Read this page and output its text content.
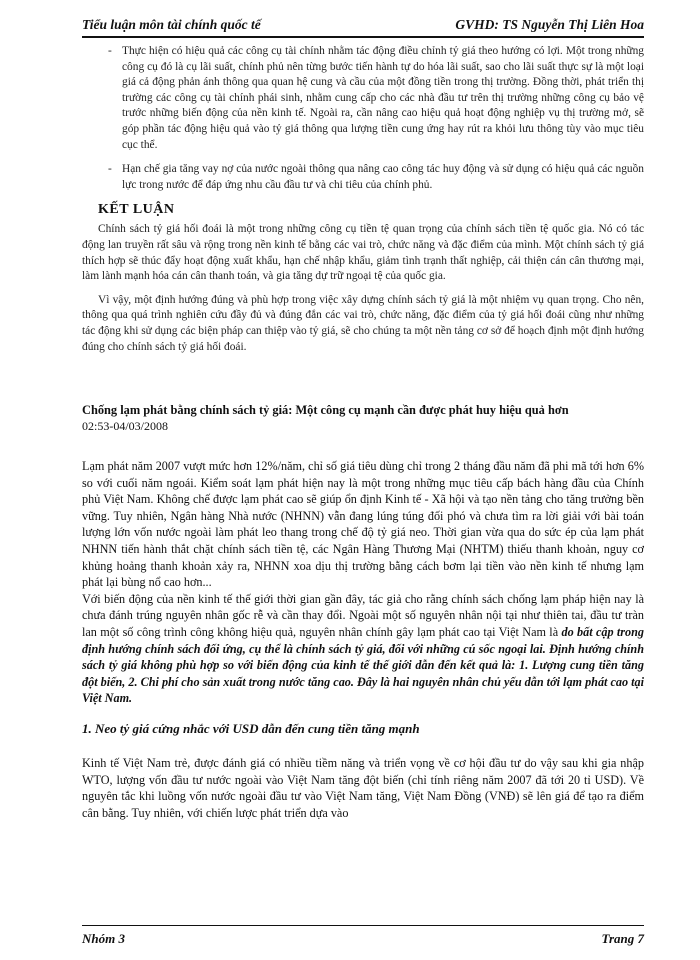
Tiểu luận môn tài chính quốc tế	GVHD: TS Nguyễn Thị Liên Hoa
- Thực hiện có hiệu quả các công cụ tài chính nhằm tác động điều chỉnh tỷ giá theo hướng có lợi. Một trong những công cụ đó là cụ lãi suất, chính phủ nên từng bước tiến hành tự do hóa lãi suất, sao cho lãi suất thực sự là một loại giá cả động phản ánh thông qua quan hệ cung và cầu của một đồng tiền trong thị trường. Đồng thời, phát triển thị trường các công cụ tài chính phái sinh, nhằm cung cấp cho các nhà đầu tư trên thị trường những công cụ bảo vệ trước những biến động của nền kinh tế. Ngoài ra, cần nâng cao hiệu quả hoạt động nghiệp vụ thị trường mở, sẽ góp phần tác động hiệu quả vào tỷ giá thông qua lượng tiền cung ứng hay rút ra khỏi lưu thông tùy vào mục tiêu cục thể.
- Hạn chế gia tăng vay nợ của nước ngoài thông qua nâng cao công tác huy động và sử dụng có hiệu quả các nguồn lực trong nước để đáp ứng nhu cầu đầu tư và chi tiêu của chính phủ.
KẾT LUẬN

Chính sách tỷ giá hối đoái là một trong những công cụ tiền tệ quan trọng của chính sách tiền tệ quốc gia. Nó có tác động lan truyền rất sâu và rộng trong nền kinh tế bằng các vai trò, chức năng và đặc điểm của mình. Một chính sách tỷ giá thích hợp sẽ thúc đẩy hoạt động xuất khẩu, hạn chế nhập khẩu, giảm tình trạnh thất nghiệp, cải thiện cán cân thương mại, làm lành mạnh hóa cán cân thanh toán, và gia tăng dự trữ ngoại tệ của quốc gia.

Vì vậy, một định hướng đúng và phù hợp trong việc xây dựng chính sách tỷ giá là một nhiệm vụ quan trọng. Cho nên, thông qua quá trình nghiên cứu đầy đủ và đúng đắn các vai trò, chức năng, đặc điểm của tỷ giá hối đoái cũng như những tác động khi sử dụng các biện pháp can thiệp vào tỷ giá, sẽ cho chúng ta một nền tảng cơ sở để hoạch định một định hướng đúng cho chính sách tỷ giá hối đoái.

Chống lạm phát bằng chính sách tỷ giá: Một công cụ mạnh cần được phát huy hiệu quả hơn
02:53-04/03/2008

Lạm phát năm 2007 vượt mức hơn 12%/năm, chỉ số giá tiêu dùng chỉ trong 2 tháng đầu năm đã phi mã tới hơn 6% so với cuối năm ngoái. Kiểm soát lạm phát hiện nay là một trong những mục tiêu cấp bách hàng đầu của Chính phủ Việt Nam. Không chế được lạm phát cao sẽ giúp ổn định Kinh tế - Xã hội và tạo nền tảng cho tăng trưởng bền vững. Tuy nhiên, Ngân hàng Nhà nước (NHNN) vẫn đang lúng túng đối phó và chưa tìm ra lời giải với bài toán lượng lớn vốn nước ngoài làm phát leo thang trong chế độ tỷ giá neo. Thời gian vừa qua do sức ép của lạm phát NHNN tiến hành thắt chặt chính sách tiền tệ, các Ngân Hàng Thương Mại (NHTM) thiếu thanh khoản, nguy cơ khủng hoảng thanh khoản xảy ra, NHNN xoa dịu thị trường bằng cách bơm lại tiền vào nền kinh tế nhưng lạm phát lại bùng nổ cao hơn...

Với biến động của nền kinh tế thế giới thời gian gần đây, tác giả cho rằng chính sách chống lạm pháp hiện nay là chưa đánh trúng nguyên nhân gốc rễ và cần thay đổi. Ngoài một số nguyên nhân nội tại như thiên tai, đầu tư tràn lan một số công trình công không hiệu quả, nguyên nhân chính gây lạm phát cao tại Việt Nam là do bất cập trong định hướng chính sách đối ứng, cụ thể là chính sách tỷ giá, đối với những cú sốc ngoại lai. Định hướng chính sách tỷ giá không phù hợp so với biến động của kinh tế thế giới dẫn đến kết quả là: 1. Lượng cung tiền tăng đột biến, 2. Chi phí cho sản xuất trong nước tăng cao. Đây là hai nguyên nhân chủ yếu dẫn tới lạm phát cao tại Việt Nam.

1. Neo tỷ giá cứng nhắc với USD dẫn đến cung tiền tăng mạnh

Kinh tế Việt Nam trẻ, được đánh giá có nhiều tiềm năng và triển vọng về cơ hội đầu tư do vậy sau khi gia nhập WTO, lượng vốn đầu tư nước ngoài vào Việt Nam tăng đột biến (chỉ tính riêng năm 2007 đã tới 20 tỉ USD). Về nguyên tắc khi luồng vốn nước ngoài đầu tư vào Việt Nam tăng, Việt Nam Đồng (VNĐ) sẽ lên giá để tạo ra điểm cân bằng. Tuy nhiên, với chiến lược phát triển dựa vào

Nhóm 3	Trang 7
